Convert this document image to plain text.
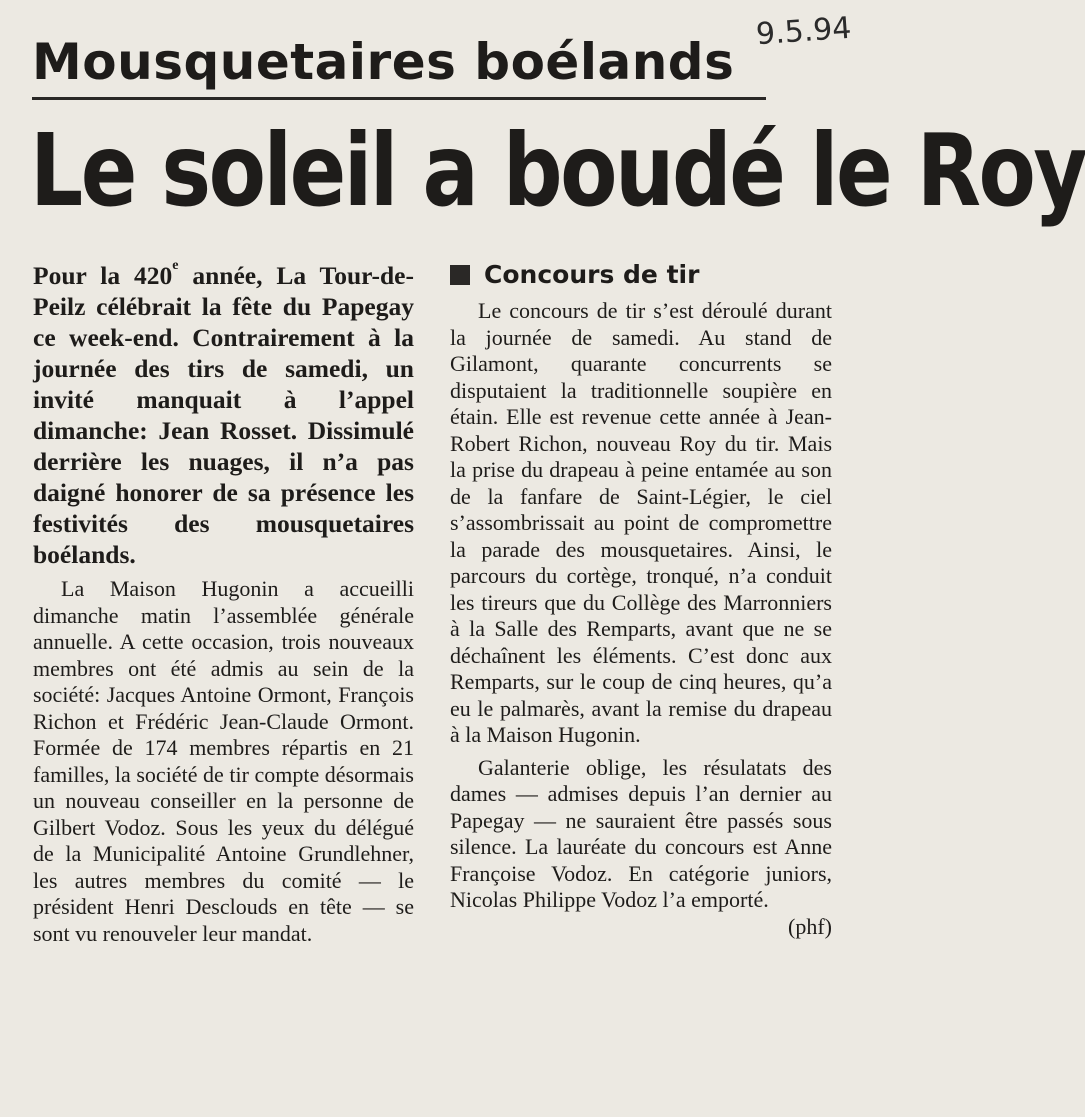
Mousquetaires boélands
9.5.94
Le soleil a boudé le Roy

Pour la 420e année, La Tour-de-Peilz célébrait la fête du Papegay ce week-end. Contrairement à la journée des tirs de samedi, un invité manquait à l’appel dimanche: Jean Rosset. Dissimulé derrière les nuages, il n’a pas daigné honorer de sa présence les festivités des mousquetaires boélands.

La Maison Hugonin a accueilli dimanche matin l’assemblée générale annuelle. A cette occasion, trois nouveaux membres ont été admis au sein de la société: Jacques Antoine Ormont, François Richon et Frédéric Jean-Claude Ormont. Formée de 174 membres répartis en 21 familles, la société de tir compte désormais un nouveau conseiller en la personne de Gilbert Vodoz. Sous les yeux du délégué de la Municipalité Antoine Grundlehner, les autres membres du comité — le président Henri Desclouds en tête — se sont vu renouveler leur mandat.

Concours de tir

Le concours de tir s’est déroulé durant la journée de samedi. Au stand de Gilamont, quarante concurrents se disputaient la traditionnelle soupière en étain. Elle est revenue cette année à Jean-Robert Richon, nouveau Roy du tir. Mais la prise du drapeau à peine entamée au son de la fanfare de Saint-Légier, le ciel s’assombrissait au point de compromettre la parade des mousquetaires. Ainsi, le parcours du cortège, tronqué, n’a conduit les tireurs que du Collège des Marronniers à la Salle des Remparts, avant que ne se déchaînent les éléments. C’est donc aux Remparts, sur le coup de cinq heures, qu’a eu le palmarès, avant la remise du drapeau à la Maison Hugonin.

Galanterie oblige, les résulatats des dames — admises depuis l’an dernier au Papegay — ne sauraient être passés sous silence. La lauréate du concours est Anne Françoise Vodoz. En catégorie juniors, Nicolas Philippe Vodoz l’a emporté.
(phf)
